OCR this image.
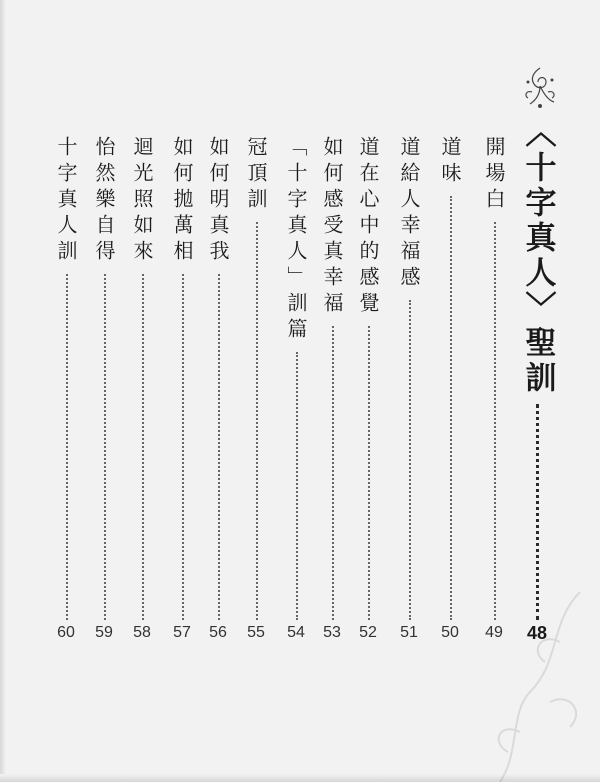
〈十字真人〉聖訓
48
開場白
49
道味
50
道給人幸福感
51
道在心中的感覺
52
如何感受真幸福
53
「十字真人」訓篇
54
冠頂訓
55
如何明真我
56
如何拋萬相
57
迴光照如來
58
怡然樂自得
59
十字真人訓
60
